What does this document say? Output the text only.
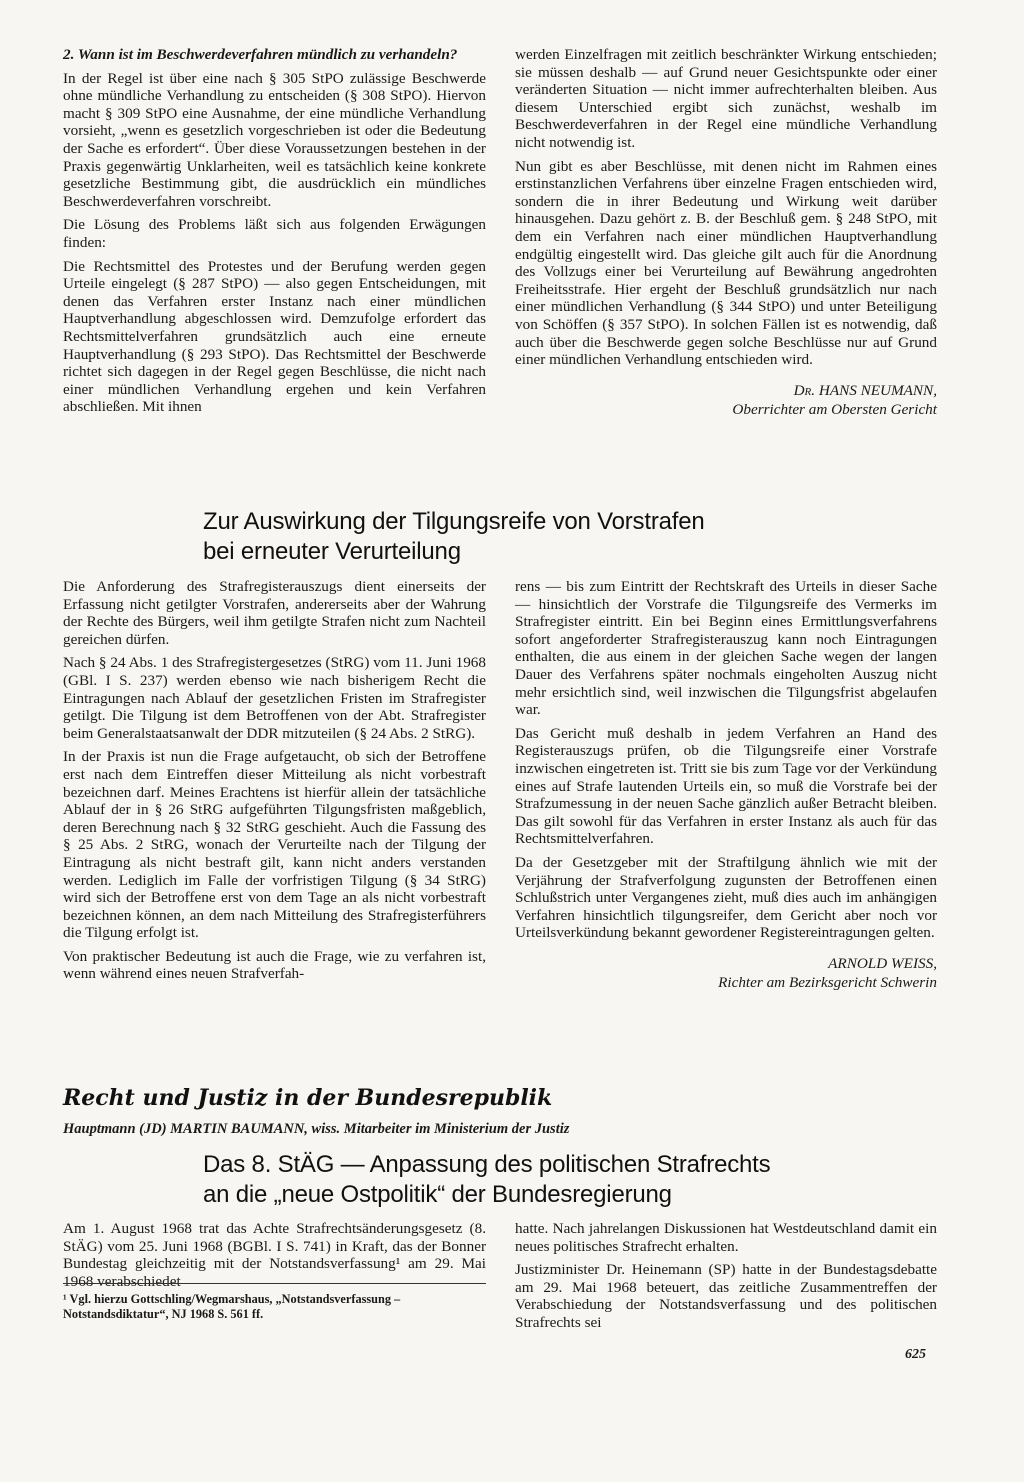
2. Wann ist im Beschwerdeverfahren mündlich zu verhandeln?

In der Regel ist über eine nach § 305 StPO zulässige Beschwerde ohne mündliche Verhandlung zu entscheiden (§ 308 StPO). Hiervon macht § 309 StPO eine Ausnahme, der eine mündliche Verhandlung vorsieht, „wenn es gesetzlich vorgeschrieben ist oder die Bedeutung der Sache es erfordert“. Über diese Voraussetzungen bestehen in der Praxis gegenwärtig Unklarheiten, weil es tatsächlich keine konkrete gesetzliche Bestimmung gibt, die ausdrücklich ein mündliches Beschwerdeverfahren vorschreibt.

Die Lösung des Problems läßt sich aus folgenden Erwägungen finden:

Die Rechtsmittel des Protestes und der Berufung werden gegen Urteile eingelegt (§ 287 StPO) — also gegen Entscheidungen, mit denen das Verfahren erster Instanz nach einer mündlichen Hauptverhandlung abgeschlossen wird. Demzufolge erfordert das Rechtsmittelverfahren grundsätzlich auch eine erneute Hauptverhandlung (§ 293 StPO). Das Rechtsmittel der Beschwerde richtet sich dagegen in der Regel gegen Beschlüsse, die nicht nach einer mündlichen Verhandlung ergehen und kein Verfahren abschließen. Mit ihnen

werden Einzelfragen mit zeitlich beschränkter Wirkung entschieden; sie müssen deshalb — auf Grund neuer Gesichtspunkte oder einer veränderten Situation — nicht immer aufrechterhalten bleiben. Aus diesem Unterschied ergibt sich zunächst, weshalb im Beschwerdeverfahren in der Regel eine mündliche Verhandlung nicht notwendig ist.

Nun gibt es aber Beschlüsse, mit denen nicht im Rahmen eines erstinstanzlichen Verfahrens über einzelne Fragen entschieden wird, sondern die in ihrer Bedeutung und Wirkung weit darüber hinausgehen. Dazu gehört z. B. der Beschluß gem. § 248 StPO, mit dem ein Verfahren nach einer mündlichen Hauptverhandlung endgültig eingestellt wird. Das gleiche gilt auch für die Anordnung des Vollzugs einer bei Verurteilung auf Bewährung angedrohten Freiheitsstrafe. Hier ergeht der Beschluß grundsätzlich nur nach einer mündlichen Verhandlung (§ 344 StPO) und unter Beteiligung von Schöffen (§ 357 StPO). In solchen Fällen ist es notwendig, daß auch über die Beschwerde gegen solche Beschlüsse nur auf Grund einer mündlichen Verhandlung entschieden wird.

Dr. HANS NEUMANN,
Oberrichter am Obersten Gericht
Zur Auswirkung der Tilgungsreife von Vorstrafen
bei erneuter Verurteilung

Die Anforderung des Strafregisterauszugs dient einerseits der Erfassung nicht getilgter Vorstrafen, andererseits aber der Wahrung der Rechte des Bürgers, weil ihm getilgte Strafen nicht zum Nachteil gereichen dürfen.

Nach § 24 Abs. 1 des Strafregistergesetzes (StRG) vom 11. Juni 1968 (GBl. I S. 237) werden ebenso wie nach bisherigem Recht die Eintragungen nach Ablauf der gesetzlichen Fristen im Strafregister getilgt. Die Tilgung ist dem Betroffenen von der Abt. Strafregister beim Generalstaatsanwalt der DDR mitzuteilen (§ 24 Abs. 2 StRG).

In der Praxis ist nun die Frage aufgetaucht, ob sich der Betroffene erst nach dem Eintreffen dieser Mitteilung als nicht vorbestraft bezeichnen darf. Meines Erachtens ist hierfür allein der tatsächliche Ablauf der in § 26 StRG aufgeführten Tilgungsfristen maßgeblich, deren Berechnung nach § 32 StRG geschieht. Auch die Fassung des § 25 Abs. 2 StRG, wonach der Verurteilte nach der Tilgung der Eintragung als nicht bestraft gilt, kann nicht anders verstanden werden. Lediglich im Falle der vorfristigen Tilgung (§ 34 StRG) wird sich der Betroffene erst von dem Tage an als nicht vorbestraft bezeichnen können, an dem nach Mitteilung des Strafregisterführers die Tilgung erfolgt ist.

Von praktischer Bedeutung ist auch die Frage, wie zu verfahren ist, wenn während eines neuen Strafverfah-

rens — bis zum Eintritt der Rechtskraft des Urteils in dieser Sache — hinsichtlich der Vorstrafe die Tilgungsreife des Vermerks im Strafregister eintritt. Ein bei Beginn eines Ermittlungsverfahrens sofort angeforderter Strafregisterauszug kann noch Eintragungen enthalten, die aus einem in der gleichen Sache wegen der langen Dauer des Verfahrens später nochmals eingeholten Auszug nicht mehr ersichtlich sind, weil inzwischen die Tilgungsfrist abgelaufen war.

Das Gericht muß deshalb in jedem Verfahren an Hand des Registerauszugs prüfen, ob die Tilgungsreife einer Vorstrafe inzwischen eingetreten ist. Tritt sie bis zum Tage vor der Verkündung eines auf Strafe lautenden Urteils ein, so muß die Vorstrafe bei der Strafzumessung in der neuen Sache gänzlich außer Betracht bleiben. Das gilt sowohl für das Verfahren in erster Instanz als auch für das Rechtsmittelverfahren.

Da der Gesetzgeber mit der Straftilgung ähnlich wie mit der Verjährung der Strafverfolgung zugunsten der Betroffenen einen Schlußstrich unter Vergangenes zieht, muß dies auch im anhängigen Verfahren hinsichtlich tilgungsreifer, dem Gericht aber noch vor Urteilsverkündung bekannt gewordener Registereintragungen gelten.

ARNOLD WEISS,
Richter am Bezirksgericht Schwerin
Recht und Justiz in der Bundesrepublik
Hauptmann (JD) MARTIN BAUMANN, wiss. Mitarbeiter im Ministerium der Justiz
Das 8. StÄG — Anpassung des politischen Strafrechts
an die „neue Ostpolitik“ der Bundesregierung

Am 1. August 1968 trat das Achte Strafrechtsänderungsgesetz (8. StÄG) vom 25. Juni 1968 (BGBl. I S. 741) in Kraft, das der Bonner Bundestag gleichzeitig mit der Notstandsverfassung¹ am 29. Mai 1968 verabschiedet

¹ Vgl. hierzu Gottschling/Wegmarshaus, „Notstandsverfassung – Notstandsdiktatur“, NJ 1968 S. 561 ff.

hatte. Nach jahrelangen Diskussionen hat Westdeutschland damit ein neues politisches Strafrecht erhalten.

Justizminister Dr. Heinemann (SP) hatte in der Bundestagsdebatte am 29. Mai 1968 beteuert, das zeitliche Zusammentreffen der Verabschiedung der Notstandsverfassung und des politischen Strafrechts sei

625
